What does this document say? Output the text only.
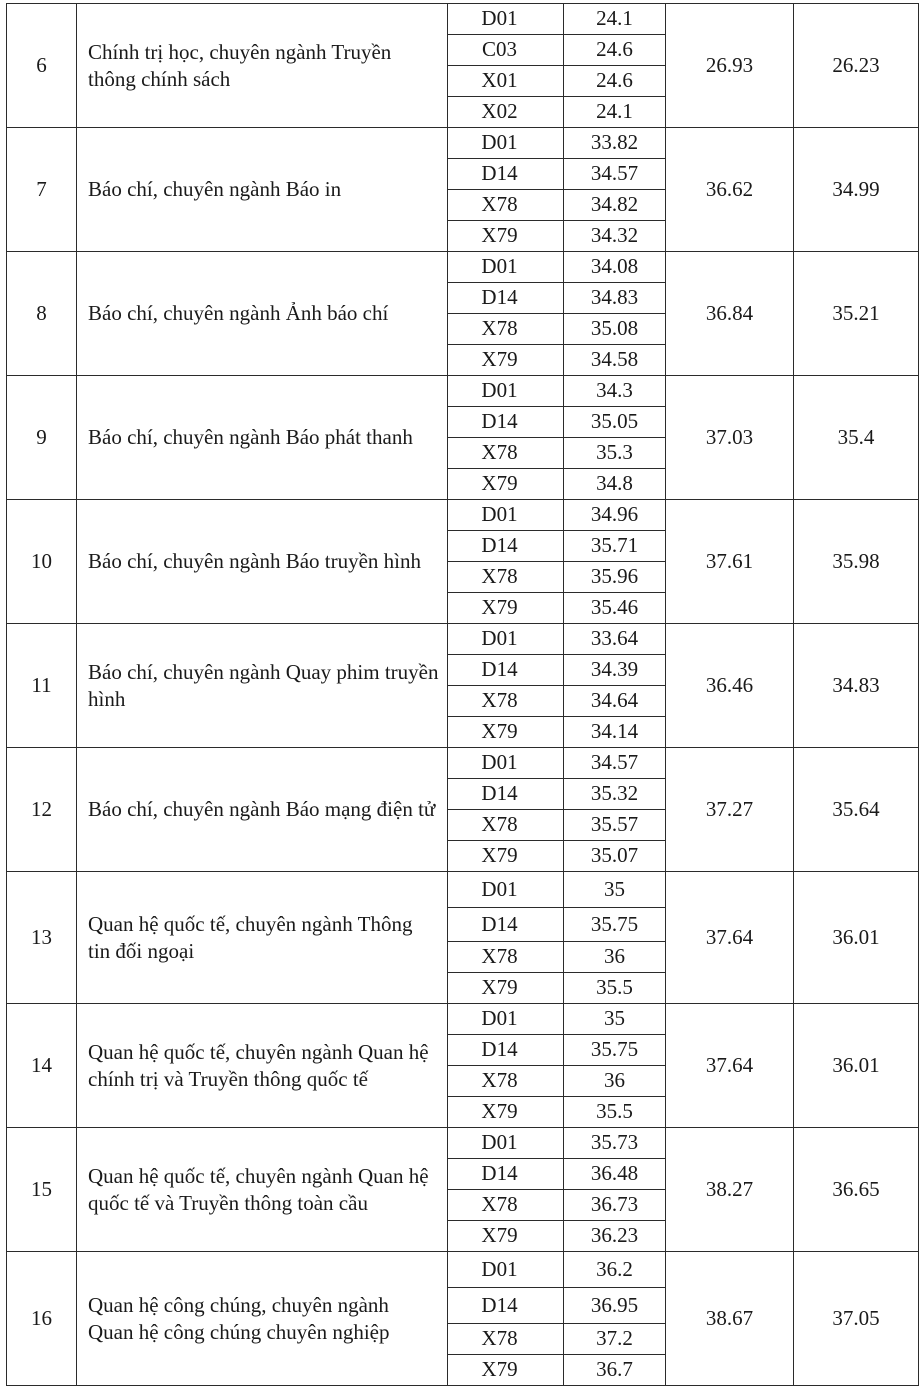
6	Chính trị học, chuyên ngành Truyền thông chính sách	D01	24.1	26.93	26.23
		C03	24.6		
		X01	24.6		
		X02	24.1		
7	Báo chí, chuyên ngành Báo in	D01	33.82	36.62	34.99
		D14	34.57		
		X78	34.82		
		X79	34.32		
8	Báo chí, chuyên ngành Ảnh báo chí	D01	34.08	36.84	35.21
		D14	34.83		
		X78	35.08		
		X79	34.58		
9	Báo chí, chuyên ngành Báo phát thanh	D01	34.3	37.03	35.4
		D14	35.05		
		X78	35.3		
		X79	34.8		
10	Báo chí, chuyên ngành Báo truyền hình	D01	34.96	37.61	35.98
		D14	35.71		
		X78	35.96		
		X79	35.46		
11	Báo chí, chuyên ngành Quay phim truyền hình	D01	33.64	36.46	34.83
		D14	34.39		
		X78	34.64		
		X79	34.14		
12	Báo chí, chuyên ngành Báo mạng điện tử	D01	34.57	37.27	35.64
		D14	35.32		
		X78	35.57		
		X79	35.07		
13	Quan hệ quốc tế, chuyên ngành Thông tin đối ngoại	D01	35	37.64	36.01
		D14	35.75		
		X78	36		
		X79	35.5		
14	Quan hệ quốc tế, chuyên ngành Quan hệ chính trị và Truyền thông quốc tế	D01	35	37.64	36.01
		D14	35.75		
		X78	36		
		X79	35.5		
15	Quan hệ quốc tế, chuyên ngành Quan hệ quốc tế và Truyền thông toàn cầu	D01	35.73	38.27	36.65
		D14	36.48		
		X78	36.73		
		X79	36.23		
16	Quan hệ công chúng, chuyên ngành Quan hệ công chúng chuyên nghiệp	D01	36.2	38.67	37.05
		D14	36.95		
		X78	37.2		
		X79	36.7		
